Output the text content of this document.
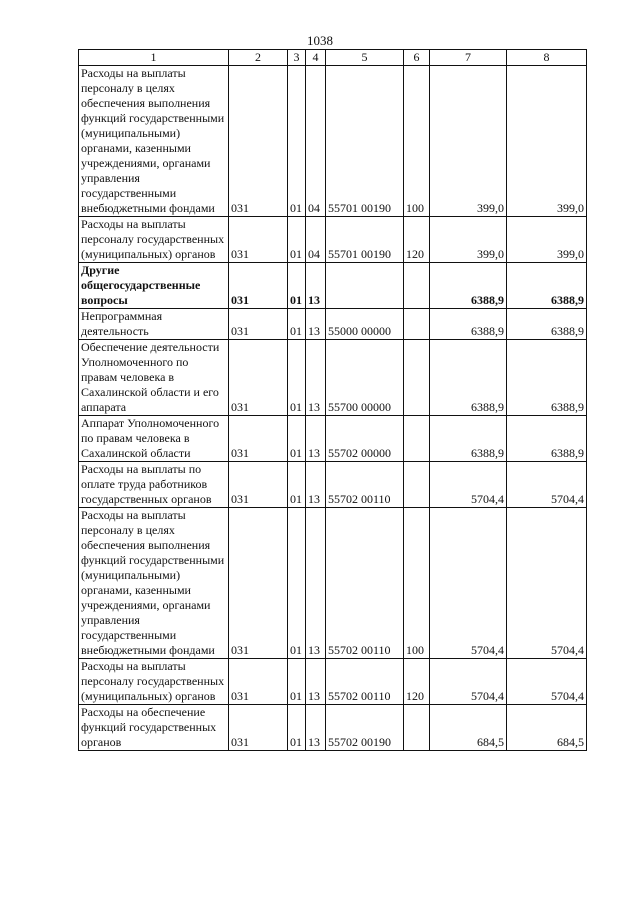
1038
1	2	3	4	5	6	7	8
Расходы на выплаты персоналу в целях обеспечения выполнения функций государственными (муниципальными) органами, казенными учреждениями, органами управления государственными внебюджетными фондами	031	01	04	55701 00190	100	399,0	399,0
Расходы на выплаты персоналу государственных (муниципальных) органов	031	01	04	55701 00190	120	399,0	399,0
Другие общегосударственные вопросы	031	01	13			6388,9	6388,9
Непрограммная деятельность	031	01	13	55000 00000		6388,9	6388,9
Обеспечение деятельности Уполномоченного по правам человека в Сахалинской области и его аппарата	031	01	13	55700 00000		6388,9	6388,9
Аппарат Уполномоченного по правам человека в Сахалинской области	031	01	13	55702 00000		6388,9	6388,9
Расходы на выплаты по оплате труда работников государственных органов	031	01	13	55702 00110		5704,4	5704,4
Расходы на выплаты персоналу в целях обеспечения выполнения функций государственными (муниципальными) органами, казенными учреждениями, органами управления государственными внебюджетными фондами	031	01	13	55702 00110	100	5704,4	5704,4
Расходы на выплаты персоналу государственных (муниципальных) органов	031	01	13	55702 00110	120	5704,4	5704,4
Расходы на обеспечение функций государственных органов	031	01	13	55702 00190		684,5	684,5
